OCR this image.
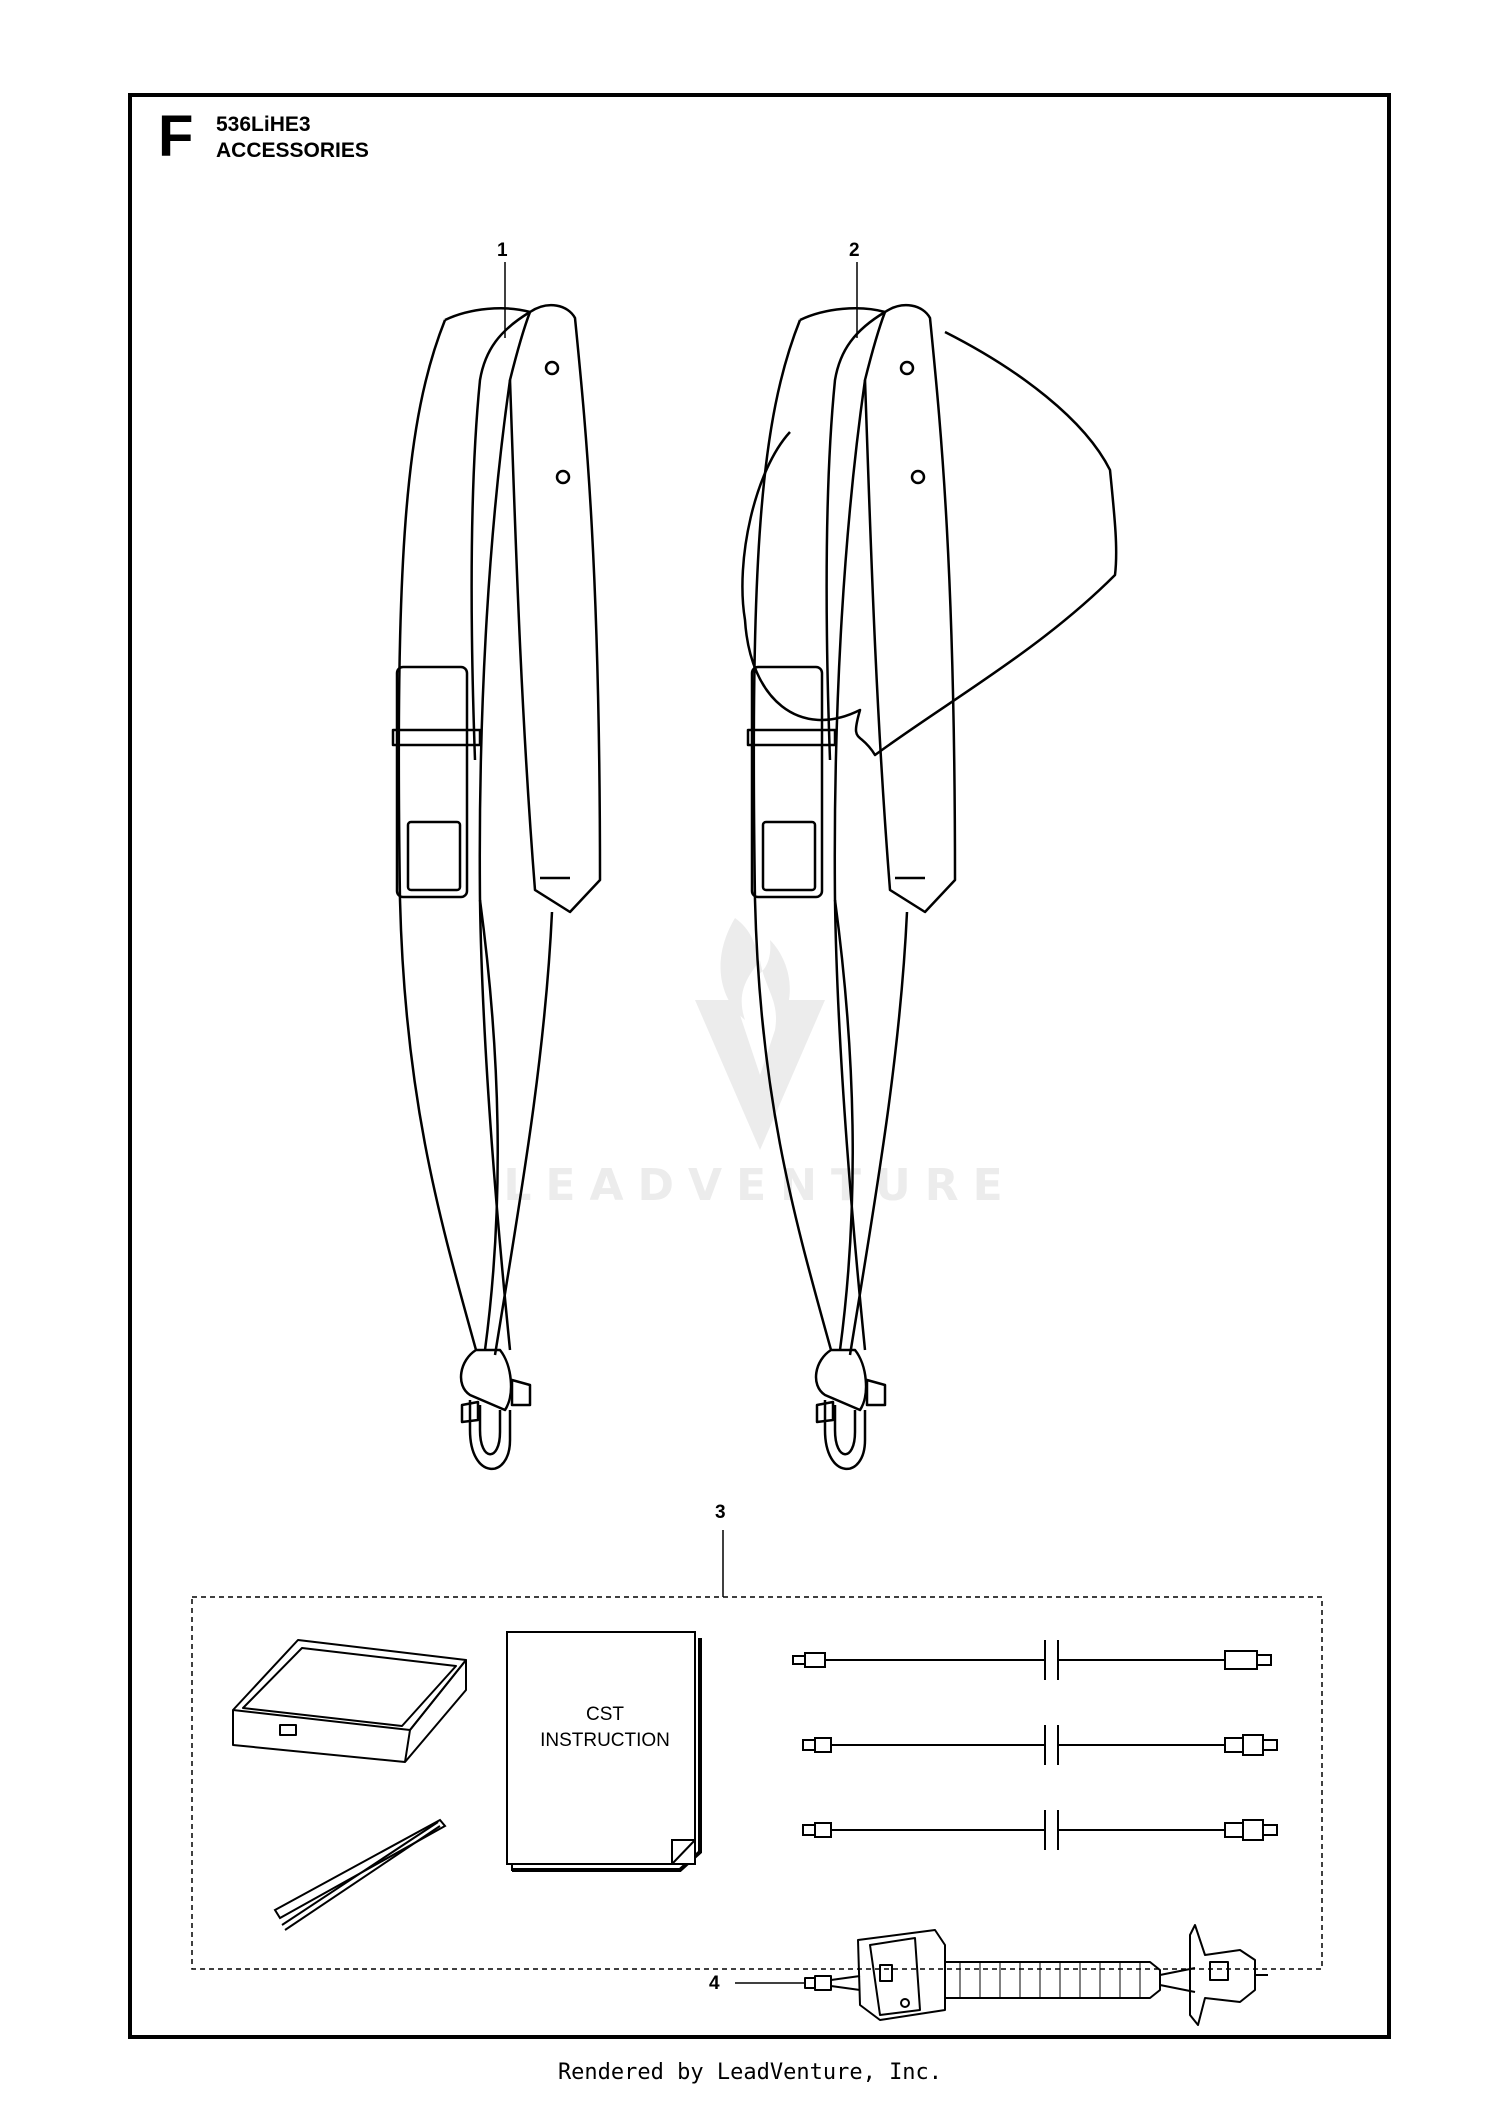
F 536LiHE3
ACCESSORIES
LEADVENTURE
1	2
3
4
CST
INSTRUCTION
Rendered by LeadVenture, Inc.
